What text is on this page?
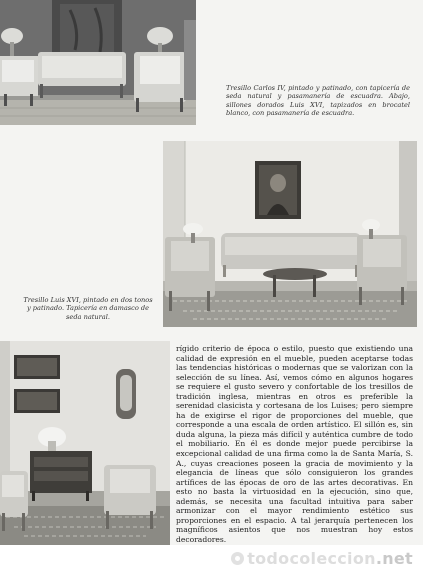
Tresillo Carlos IV, pintado y patinado, con tapicería de seda natural y pasamanería de escuadra. Abajo, sillones dorados Luis XVI, tapizados en brocatel blanco, con pasamanería de escuadra.
Tresillo Luis XVI, pintado en dos tonos y patinado. Tapicería en damasco de seda natural.
rígido criterio de época o estilo, puesto que existiendo una calidad de expresión en el mueble, pueden aceptarse todas las tendencias históricas o modernas que se valorizan con la selección de su línea. Así, vemos cómo en algunos hogares se requiere el gusto severo y confortable de los tresillos de tradición inglesa, mientras en otros es preferible la serenidad clasicista y cortesana de los Luises; pero siempre ha de exigirse el rigor de proporciones del mueble, que corresponde a una escala de orden artístico. El sillón es, sin duda alguna, la pieza más difícil y auténtica cumbre de todo el mobiliario. En él es donde mejor puede percibirse la excepcional calidad de una firma como la de Santa María, S. A., cuyas creaciones poseen la gracia de movimiento y la elegancia de líneas que sólo consiguieron los grandes artífices de las épocas de oro de las artes decorativas. En esto no basta la virtuosidad en la ejecución, sino que, además, se necesita una facultad intuitiva para saber armonizar con el mayor rendimiento estético sus proporciones en el espacio. A tal jerarquía pertenecen los magníficos asientos que nos muestran hoy estos decoradores.
todocoleccion.net
